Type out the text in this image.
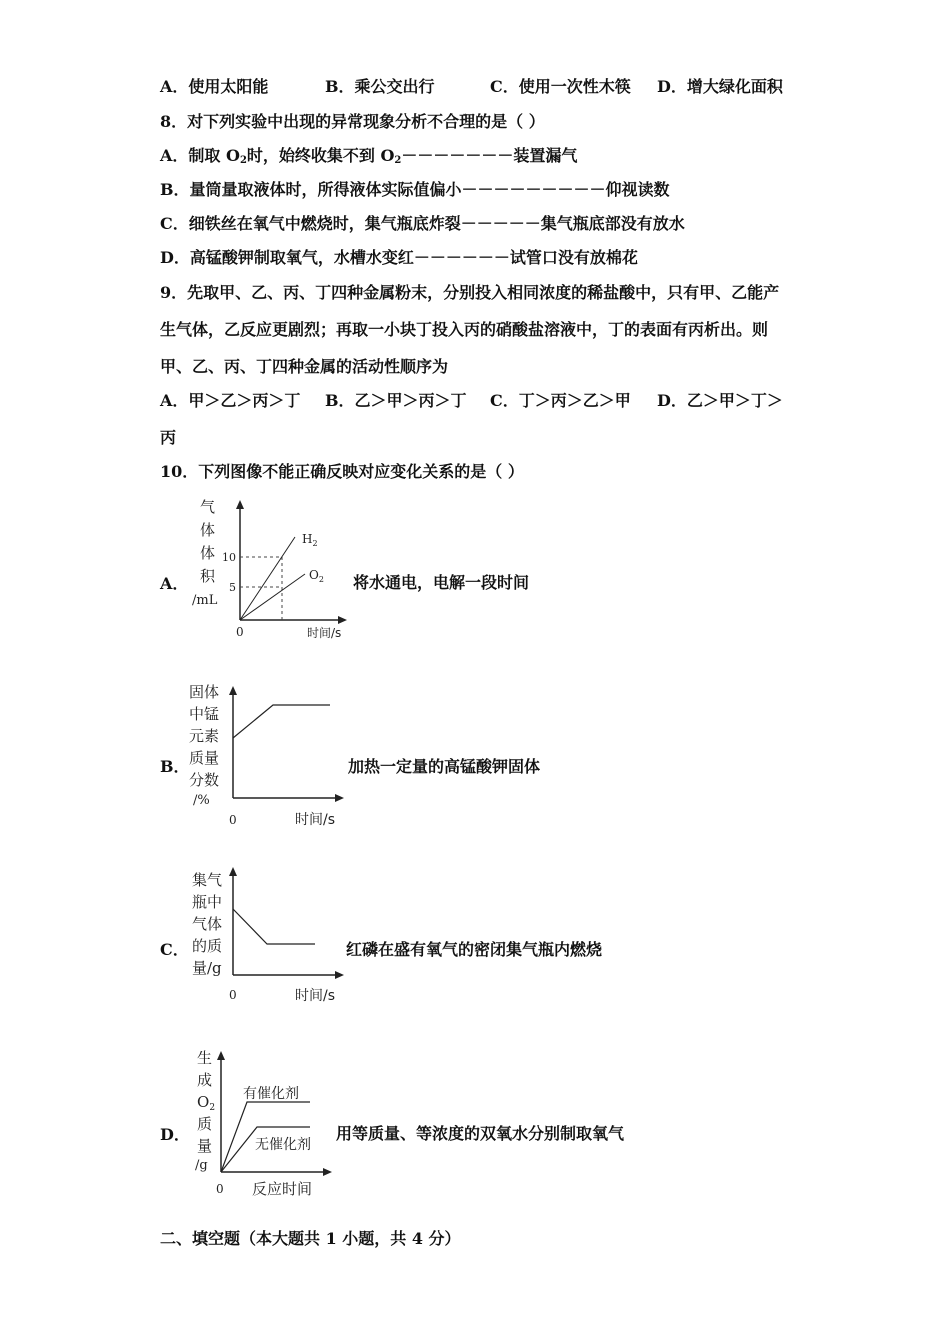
A．使用太阳能	B．乘公交出行	C．使用一次性木筷 D．增大绿化面积
8．对下列实验中出现的异常现象分析不合理的是（ ）
A．制取 $O_2$时，始终收集不到 $O_2-------$装置漏气
B．量筒量取液体时，所得液体实际值偏小－－－－－－－－－仰视读数
C．细铁丝在氧气中燃烧时，集气瓶底炸裂－－－－－集气瓶底部没有放水
D．高锰酸钾制取氧气，水槽水变红－－－－－－试管口没有放棉花
9．先取甲、乙、丙、丁四种金属粉末，分别投入相同浓度的稀盐酸中，只有甲、乙能产
生气体，乙反应更剧烈；再取一小块丁投入丙的硝酸盐溶液中，丁的表面有丙析出。则
甲、乙、丙、丁四种金属的活动性顺序为
A．甲＞乙＞丙＞丁 B．乙＞甲＞丙＞丁 C．丁＞丙＞乙＞甲 D．乙＞甲＞丁＞
丙
10．下列图像不能正确反映对应变化关系的是（ ）
A．
气
体
体
积
/mL
10
5
$H_2$
$O_2$
0	时间/s
将水通电，电解一段时间
B．
固体
中锰
元素
质量
分数
/%
0	时间/s
加热一定量的高锰酸钾固体
C．
集气
瓶中
气体
的质
量/g
0	时间/s
红磷在盛有氧气的密闭集气瓶内燃烧
D．
生
成
$O_2$
质
量
/g
有催化剂
无催化剂
0 反应时间
用等质量、等浓度的双氧水分别制取氧气
二、填空题（本大题共 1 小题，共 4 分）
